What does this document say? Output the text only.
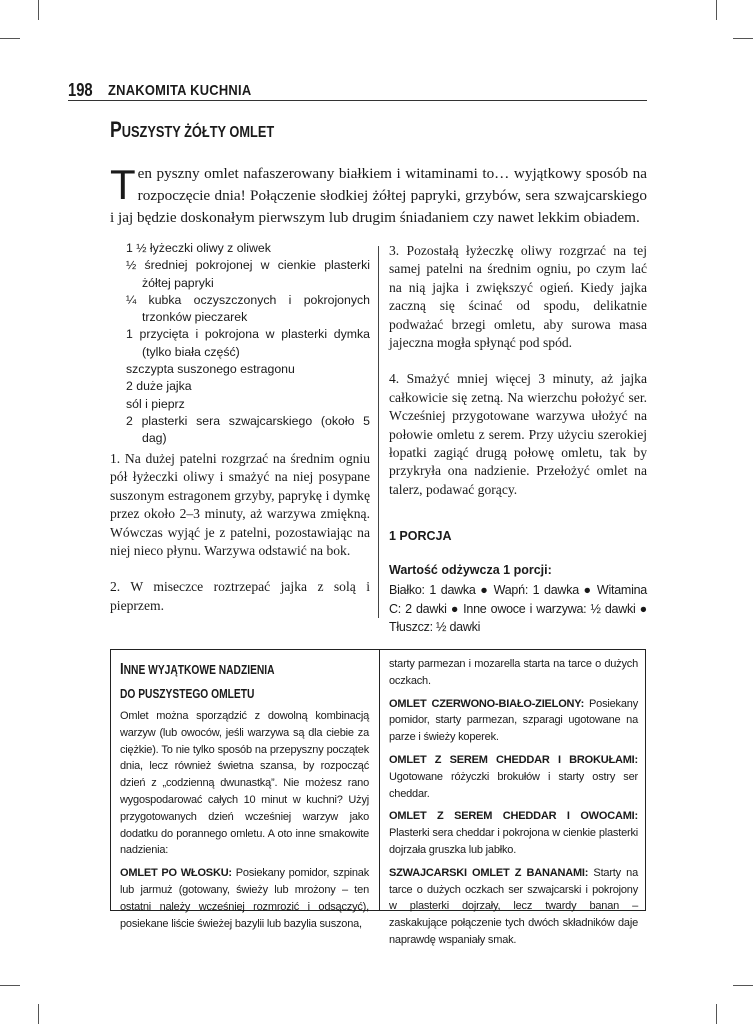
198 ZNAKOMITA KUCHNIA
PUSZYSTY ŻÓŁTY OMLET
Ten pyszny omlet nafaszerowany białkiem i witaminami to… wyjątkowy sposób na rozpoczęcie dnia! Połączenie słodkiej żółtej papryki, grzybów, sera szwajcarskiego i jaj będzie doskonałym pierwszym lub drugim śniadaniem czy nawet lekkim obiadem.
1 ½ łyżeczki oliwy z oliwek
½ średniej pokrojonej w cienkie plasterki żółtej papryki
¼ kubka oczyszczonych i pokrojonych trzonków pieczarek
1 przycięta i pokrojona w plasterki dymka (tylko biała część)
szczypta suszonego estragonu
2 duże jajka
sól i pieprz
2 plasterki sera szwajcarskiego (około 5 dag)

1. Na dużej patelni rozgrzać na średnim ogniu pół łyżeczki oliwy i smażyć na niej posypane suszonym estragonem grzyby, paprykę i dymkę przez około 2–3 minuty, aż warzywa zmiękną. Wówczas wyjąć je z patelni, pozostawiając na niej nieco płynu. Warzywa odstawić na bok.

2. W miseczce roztrzepać jajka z solą i pieprzem.

3. Pozostałą łyżeczkę oliwy rozgrzać na tej samej patelni na średnim ogniu, po czym lać na nią jajka i zwiększyć ogień. Kiedy jajka zaczną się ścinać od spodu, delikatnie podważać brzegi omletu, aby surowa masa jajeczna mogła spłynąć pod spód.

4. Smażyć mniej więcej 3 minuty, aż jajka całkowicie się zetną. Na wierzchu położyć ser. Wcześniej przygotowane warzywa ułożyć na połowie omletu z serem. Przy użyciu szerokiej łopatki zagiąć drugą połowę omletu, tak by przykryła ona nadzienie. Przełożyć omlet na talerz, podawać gorący.

1 PORCJA

Wartość odżywcza 1 porcji:

Białko: 1 dawka ● Wapń: 1 dawka ● Witamina C: 2 dawki ● Inne owoce i warzywa: ½ dawki ● Tłuszcz: ½ dawki

INNE WYJĄTKOWE NADZIENIA
DO PUSZYSTEGO OMLETU

Omlet można sporządzić z dowolną kombinacją warzyw (lub owoców, jeśli warzywa są dla ciebie za ciężkie). To nie tylko sposób na przepyszny początek dnia, lecz również świetna szansa, by rozpocząć dzień z „codzienną dwunastką”. Nie możesz rano wygospodarować całych 10 minut w kuchni? Użyj przygotowanych dzień wcześniej warzyw jako dodatku do porannego omletu. A oto inne smakowite nadzienia:

OMLET PO WŁOSKU: Posiekany pomidor, szpinak lub jarmuż (gotowany, świeży lub mrożony – ten ostatni należy wcześniej rozmrozić i odsączyć), posiekane liście świeżej bazylii lub bazylia suszona,

starty parmezan i mozarella starta na tarce o dużych oczkach.

OMLET CZERWONO-BIAŁO-ZIELONY: Posiekany pomidor, starty parmezan, szparagi ugotowane na parze i świeży koperek.

OMLET Z SEREM CHEDDAR I BROKUŁAMI: Ugotowane różyczki brokułów i starty ostry ser cheddar.

OMLET Z SEREM CHEDDAR I OWOCAMI: Plasterki sera cheddar i pokrojona w cienkie plasterki dojrzała gruszka lub jabłko.

SZWAJCARSKI OMLET Z BANANAMI: Starty na tarce o dużych oczkach ser szwajcarski i pokrojony w plasterki dojrzały, lecz twardy banan – zaskakujące połączenie tych dwóch składników daje naprawdę wspaniały smak.
